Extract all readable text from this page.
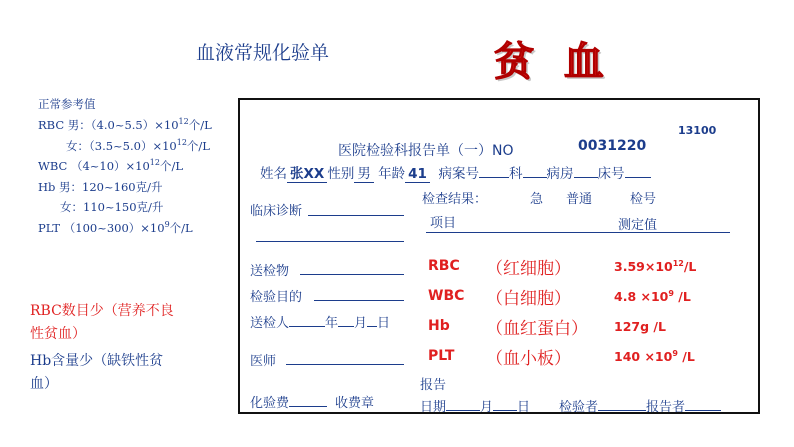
血液常规化验单	贫 血
正常参考值
RBC 男：$(4.0\sim 5.5)\times 10^{12}$个/L
女：$(3.5\sim 5.0)\times 10^{12}$个/L
WBC $(4\sim 10)\times 10^{12}$个/L
Hb 男：120~160克/升
女：110~150克/升
PLT $(100\sim 300)\times 10^9$个/L
RBC数目少（营养不良
性贫血）
Hb含量少（缺铁性贫
血）
13100
医院检验科报告单（一）NO	0031220
姓名 张XX 性别 男 年龄 41 病案号 科 病房 床号
临床诊断
检查结果：	急 普通	检号
项目	测定值
送检物
检验目的
送检人	年 月 日
医师
化验费	收费章
报告
日期	月 日 检验者	报告者
RBC （红细胞）	$3.59\times 10^{12}/L$
WBC （白细胞）	$4.8 \times 10^9$ /L
Hb （血红蛋白） 127g /L
PLT （血小板）	$140 \times 10^9$ /L
